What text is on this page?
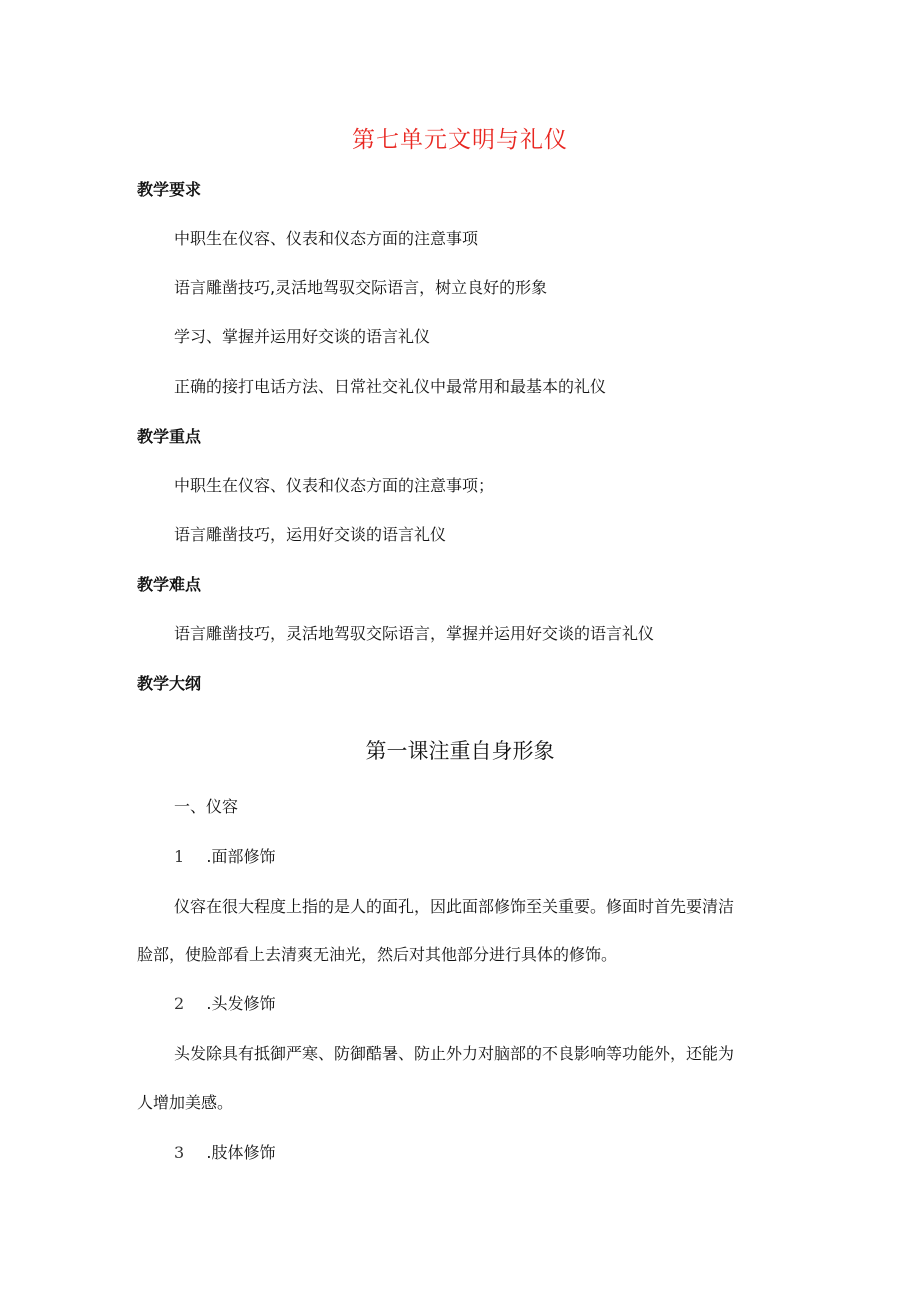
第七单元文明与礼仪
教学要求
中职生在仪容、仪表和仪态方面的注意事项
语言雕凿技巧,灵活地驾驭交际语言，树立良好的形象
学习、掌握并运用好交谈的语言礼仪
正确的接打电话方法、日常社交礼仪中最常用和最基本的礼仪
教学重点
中职生在仪容、仪表和仪态方面的注意事项；
语言雕凿技巧，运用好交谈的语言礼仪
教学难点
语言雕凿技巧，灵活地驾驭交际语言，掌握并运用好交谈的语言礼仪
教学大纲
第一课注重自身形象
一、仪容
1 .面部修饰
仪容在很大程度上指的是人的面孔，因此面部修饰至关重要。修面时首先要清洁
脸部，使脸部看上去清爽无油光，然后对其他部分进行具体的修饰。
2 .头发修饰
头发除具有抵御严寒、防御酷暑、防止外力对脑部的不良影响等功能外，还能为
人增加美感。
3 .肢体修饰
